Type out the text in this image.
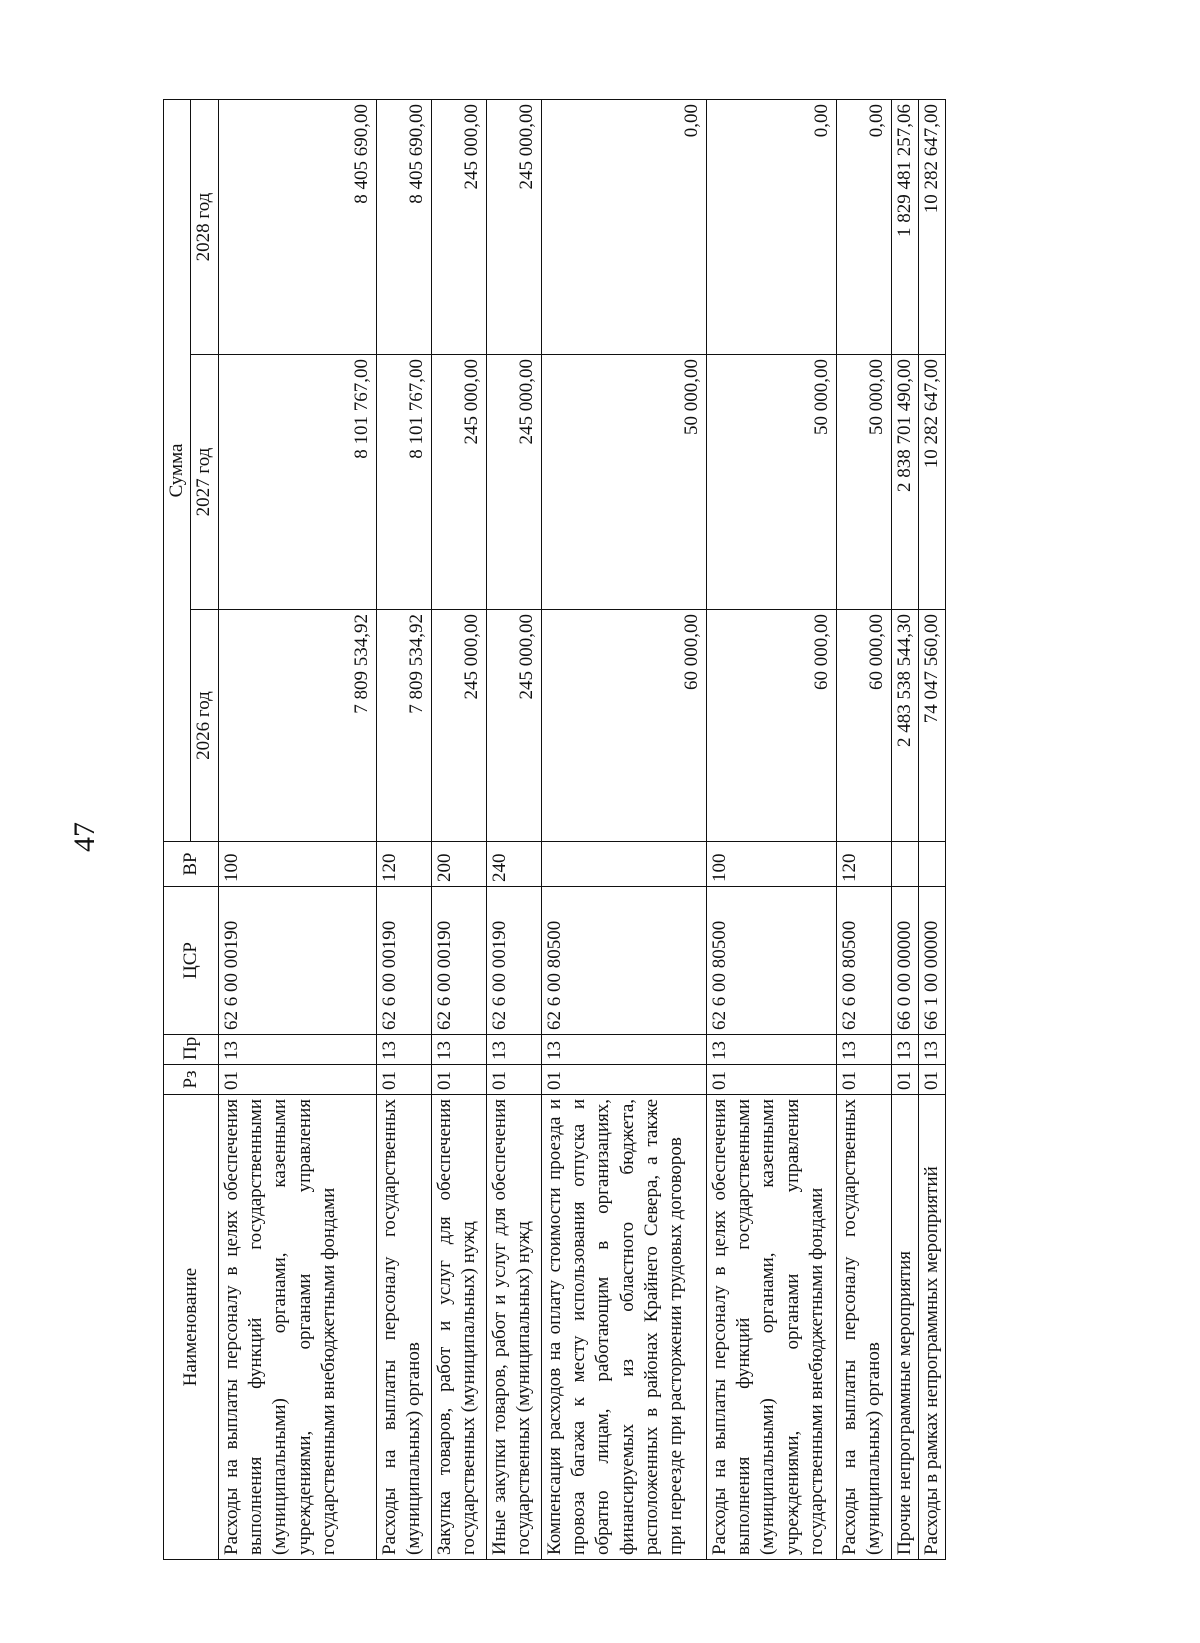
47
Наименование	Рз	Пр	ЦСР	ВР	Сумма		
					2026 год	2027 год	2028 год
Расходы на выплаты персоналу в целях обеспечения выполнения функций государственными (муниципальными) органами, казенными учреждениями, органами управления государственными внебюджетными фондами	01	13	62 6 00 00190	100	7 809 534,92	8 101 767,00	8 405 690,00
Расходы на выплаты персоналу государственных (муниципальных) органов	01	13	62 6 00 00190	120	7 809 534,92	8 101 767,00	8 405 690,00
Закупка товаров, работ и услуг для обеспечения государственных (муниципальных) нужд	01	13	62 6 00 00190	200	245 000,00	245 000,00	245 000,00
Иные закупки товаров, работ и услуг для обеспечения государственных (муниципальных) нужд	01	13	62 6 00 00190	240	245 000,00	245 000,00	245 000,00
Компенсация расходов на оплату стоимости проезда и провоза багажа к месту использования отпуска и обратно лицам, работающим в организациях, финансируемых из областного бюджета, расположенных в районах Крайнего Севера, а также при переезде при расторжении трудовых договоров	01	13	62 6 00 80500		60 000,00	50 000,00	0,00
Расходы на выплаты персоналу в целях обеспечения выполнения функций государственными (муниципальными) органами, казенными учреждениями, органами управления государственными внебюджетными фондами	01	13	62 6 00 80500	100	60 000,00	50 000,00	0,00
Расходы на выплаты персоналу государственных (муниципальных) органов	01	13	62 6 00 80500	120	60 000,00	50 000,00	0,00
Прочие непрограммные мероприятия	01	13	66 0 00 00000		2 483 538 544,30	2 838 701 490,00	1 829 481 257,06
Расходы в рамках непрограммных мероприятий	01	13	66 1 00 00000		74 047 560,00	10 282 647,00	10 282 647,00
